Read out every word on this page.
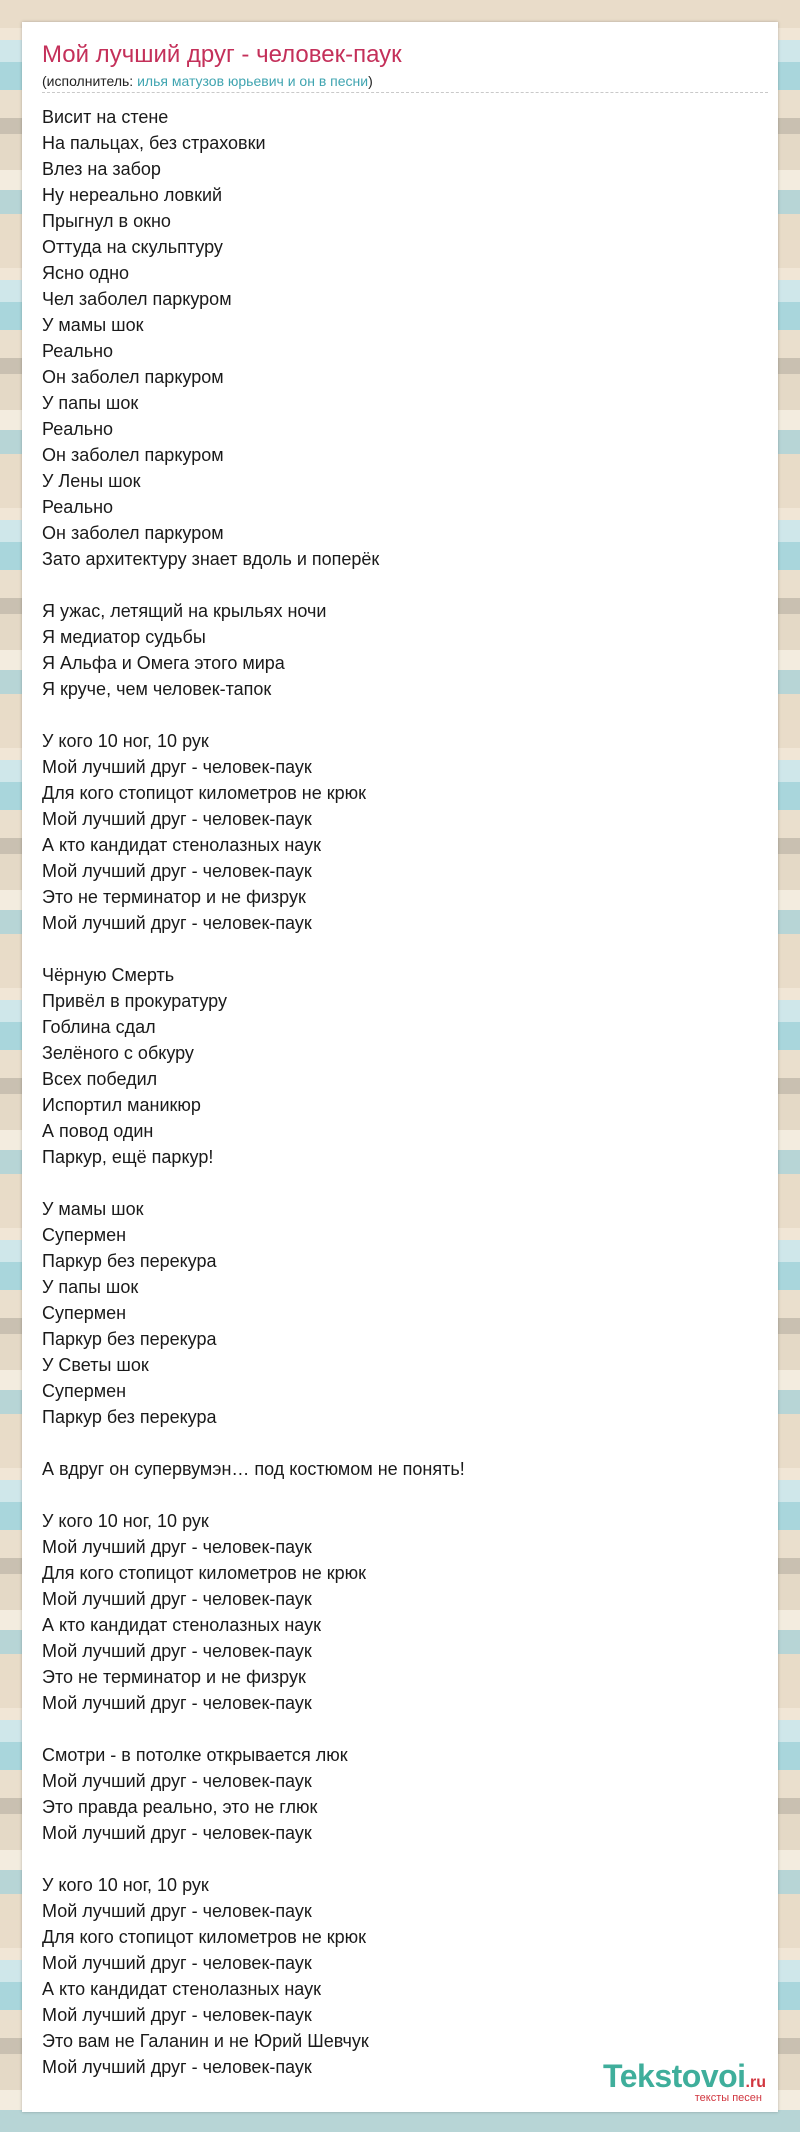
Мой лучший друг - человек-паук
(исполнитель: илья матузов юрьевич и он в песни)
Висит на стене
На пальцах, без страховки
Влез на забор
Ну нереально ловкий
Прыгнул в окно
Оттуда на скульптуру
Ясно одно
Чел заболел паркуром
У мамы шок
Реально
Он заболел паркуром
У папы шок
Реально
Он заболел паркуром
У Лены шок
Реально
Он заболел паркуром
Зато архитектуру знает вдоль и поперёк
Я ужас, летящий на крыльях ночи
Я медиатор судьбы
Я Альфа и Омега этого мира
Я круче, чем человек-тапок
У кого 10 ног, 10 рук
Мой лучший друг - человек-паук
Для кого стопицот километров не крюк
Мой лучший друг - человек-паук
А кто кандидат стенолазных наук
Мой лучший друг - человек-паук
Это не терминатор и не физрук
Мой лучший друг - человек-паук
Чёрную Смерть
Привёл в прокуратуру
Гоблина сдал
Зелёного с обкуру
Всех победил
Испортил маникюр
А повод один
Паркур, ещё паркур!
У мамы шок
Супермен
Паркур без перекура
У папы шок
Супермен
Паркур без перекура
У Светы шок
Супермен
Паркур без перекура
А вдруг он супервумэн… под костюмом не понять!
У кого 10 ног, 10 рук
Мой лучший друг - человек-паук
Для кого стопицот километров не крюк
Мой лучший друг - человек-паук
А кто кандидат стенолазных наук
Мой лучший друг - человек-паук
Это не терминатор и не физрук
Мой лучший друг - человек-паук
Смотри - в потолке открывается люк
Мой лучший друг - человек-паук
Это правда реально, это не глюк
Мой лучший друг - человек-паук
У кого 10 ног, 10 рук
Мой лучший друг - человек-паук
Для кого стопицот километров не крюк
Мой лучший друг - человек-паук
А кто кандидат стенолазных наук
Мой лучший друг - человек-паук
Это вам не Галанин и не Юрий Шевчук
Мой лучший друг - человек-паук	Tekstovoi.ru
тексты песен
